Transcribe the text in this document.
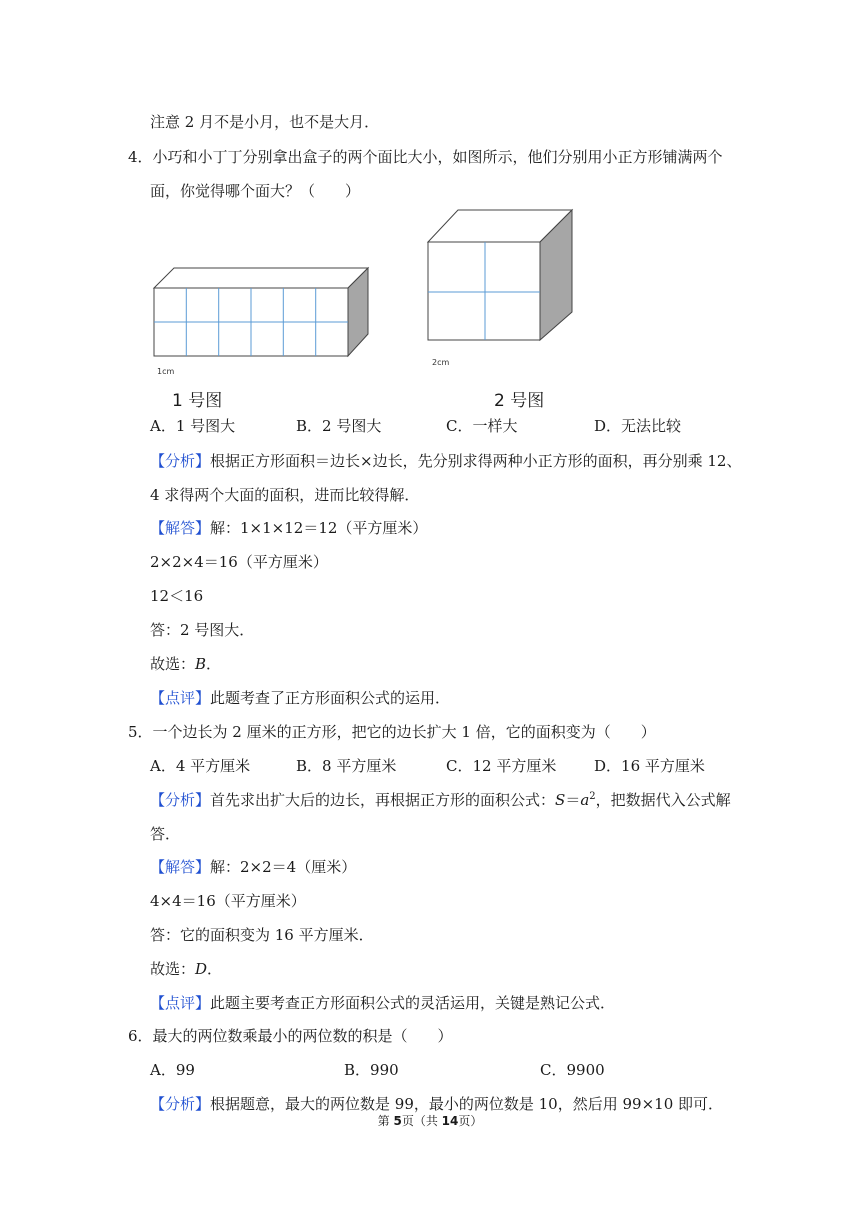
注意 2 月不是小月，也不是大月．
4．小巧和小丁丁分别拿出盒子的两个面比大小，如图所示，他们分别用小正方形铺满两个
面，你觉得哪个面大？（　　）
1cm
2cm
1 号图	2 号图
A．1 号图大	B．2 号图大	C．一样大	D．无法比较
【分析】根据正方形面积＝边长×边长，先分别求得两种小正方形的面积，再分别乘 12、
4 求得两个大面的面积，进而比较得解．
【解答】解：1×1×12＝12（平方厘米）
2×2×4＝16（平方厘米）
12＜16
答：2 号图大．
故选：B．
【点评】此题考查了正方形面积公式的运用．
5．一个边长为 2 厘米的正方形，把它的边长扩大 1 倍，它的面积变为（　　）
A．4 平方厘米	B．8 平方厘米	C．12 平方厘米	D．16 平方厘米
【分析】首先求出扩大后的边长，再根据正方形的面积公式：$S=a^2$，把数据代入公式解
答．
【解答】解：2×2＝4（厘米）
4×4＝16（平方厘米）
答：它的面积变为 16 平方厘米．
故选：D．
【点评】此题主要考查正方形面积公式的灵活运用，关键是熟记公式．
6．最大的两位数乘最小的两位数的积是（　　）
A．99	B．990	C．9900
【分析】根据题意，最大的两位数是 99，最小的两位数是 10，然后用 99×10 即可．
第 5页（共 14页）
